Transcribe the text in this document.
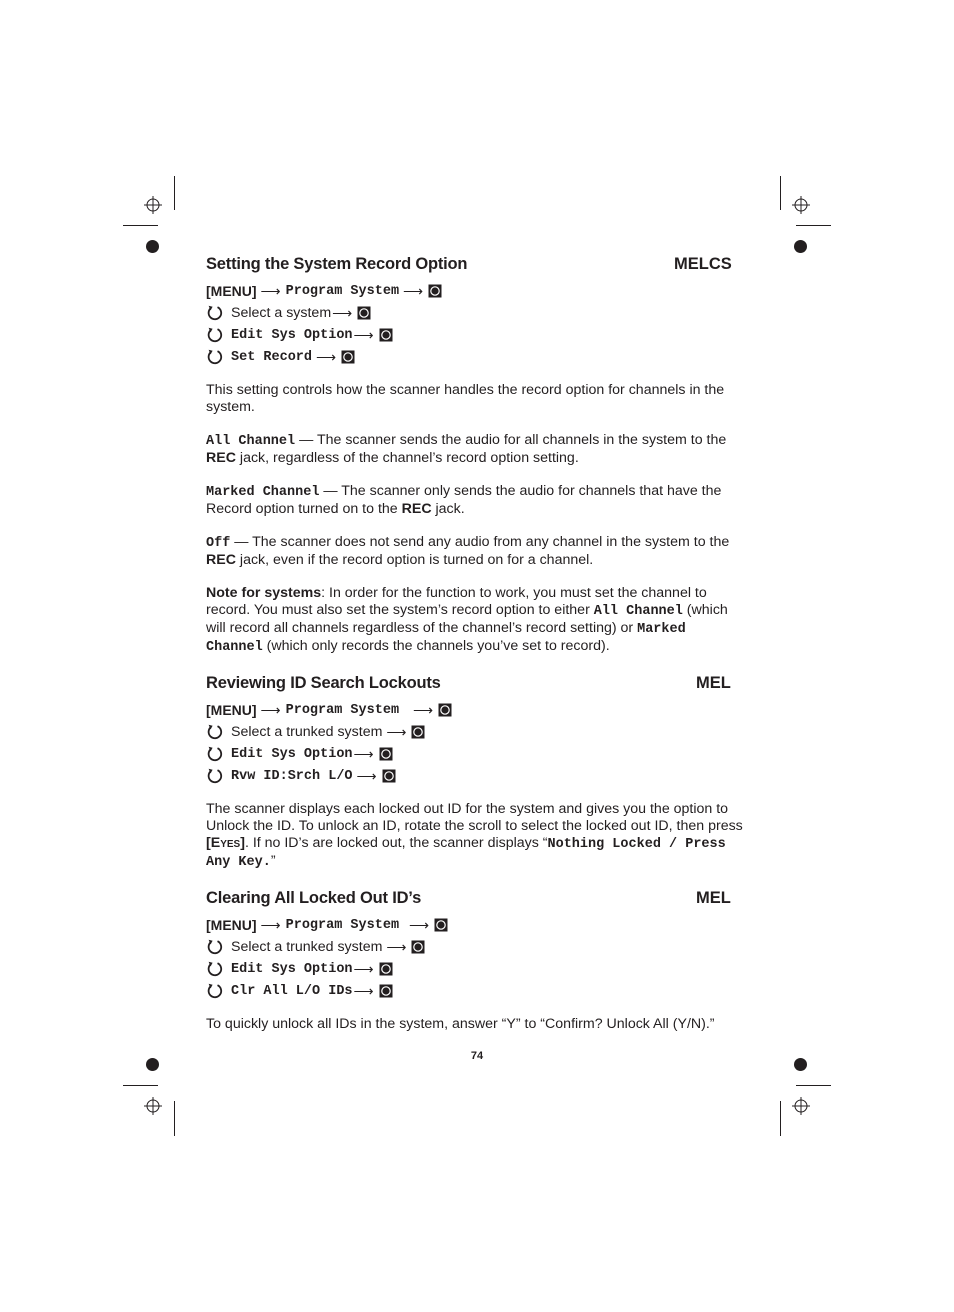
Setting the System Record Option	MELCS
[MENU] ⟶ Program System ⟶
Select a system ⟶
Edit Sys Option ⟶
Set Record ⟶

This setting controls how the scanner handles the record option for channels in the system.

All Channel — The scanner sends the audio for all channels in the system to the REC jack, regardless of the channel’s record option setting.

Marked Channel — The scanner only sends the audio for channels that have the Record option turned on to the REC jack.

Off — The scanner does not send any audio from any channel in the system to the REC jack, even if the record option is turned on for a channel.

Note for systems: In order for the function to work, you must set the channel to record. You must also set the system’s record option to either All Channel (which will record all channels regardless of the channel’s record setting) or Marked Channel (which only records the channels you’ve set to record).

Reviewing ID Search Lockouts	MEL
[MENU] ⟶ Program System ⟶
Select a trunked system ⟶
Edit Sys Option ⟶
Rvw ID:Srch L/O ⟶

The scanner displays each locked out ID for the system and gives you the option to Unlock the ID. To unlock an ID, rotate the scroll to select the locked out ID, then press [Eyes]. If no ID’s are locked out, the scanner displays “Nothing Locked / Press Any Key.”

Clearing All Locked Out ID’s	MEL
[MENU] ⟶ Program System ⟶
Select a trunked system ⟶
Edit Sys Option ⟶
Clr All L/O IDs ⟶

To quickly unlock all IDs in the system, answer “Y” to “Confirm? Unlock All (Y/N).”

74
